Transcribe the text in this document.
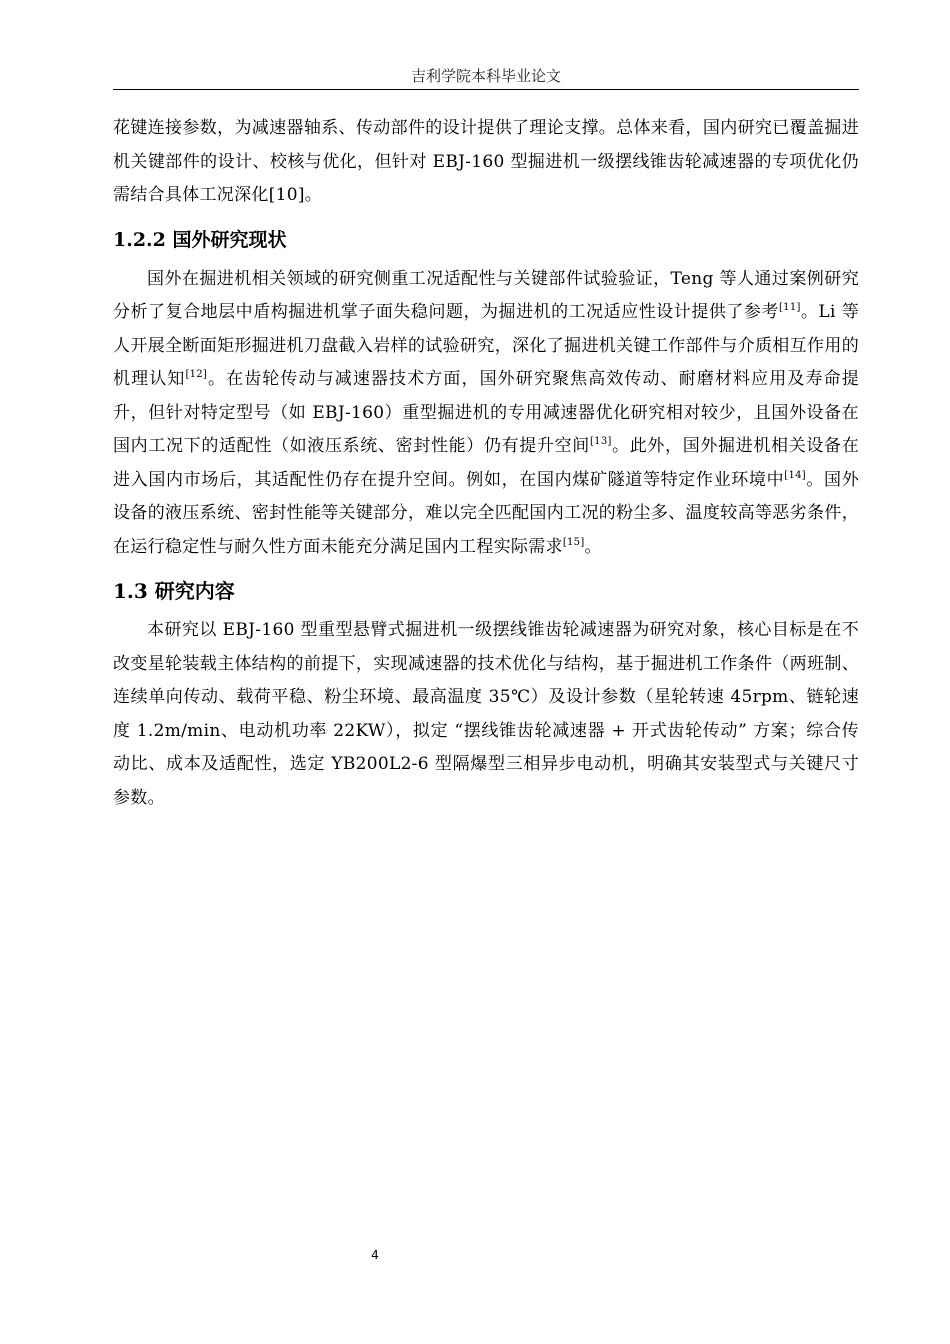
吉利学院本科毕业论文

花键连接参数，为减速器轴系、传动部件的设计提供了理论支撑。总体来看，国内研究已覆盖掘进机关键部件的设计、校核与优化，但针对 EBJ-160 型掘进机一级摆线锥齿轮减速器的专项优化仍需结合具体工况深化[10]。

1.2.2 国外研究现状

国外在掘进机相关领域的研究侧重工况适配性与关键部件试验验证，Teng 等人通过案例研究分析了复合地层中盾构掘进机掌子面失稳问题，为掘进机的工况适应性设计提供了参考[11]。Li 等人开展全断面矩形掘进机刀盘截入岩样的试验研究，深化了掘进机关键工作部件与介质相互作用的机理认知[12]。在齿轮传动与减速器技术方面，国外研究聚焦高效传动、耐磨材料应用及寿命提升，但针对特定型号（如 EBJ-160）重型掘进机的专用减速器优化研究相对较少，且国外设备在国内工况下的适配性（如液压系统、密封性能）仍有提升空间[13]。此外，国外掘进机相关设备在进入国内市场后，其适配性仍存在提升空间。例如，在国内煤矿隧道等特定作业环境中[14]。国外设备的液压系统、密封性能等关键部分，难以完全匹配国内工况的粉尘多、温度较高等恶劣条件，在运行稳定性与耐久性方面未能充分满足国内工程实际需求[15]。

1.3 研究内容

本研究以 EBJ-160 型重型悬臂式掘进机一级摆线锥齿轮减速器为研究对象，核心目标是在不改变星轮装载主体结构的前提下，实现减速器的技术优化与结构，基于掘进机工作条件（两班制、连续单向传动、载荷平稳、粉尘环境、最高温度 35℃）及设计参数（星轮转速 45rpm、链轮速度 1.2m/min、电动机功率 22KW），拟定 “摆线锥齿轮减速器 + 开式齿轮传动” 方案；综合传动比、成本及适配性，选定 YB200L2-6 型隔爆型三相异步电动机，明确其安装型式与关键尺寸参数。

4
